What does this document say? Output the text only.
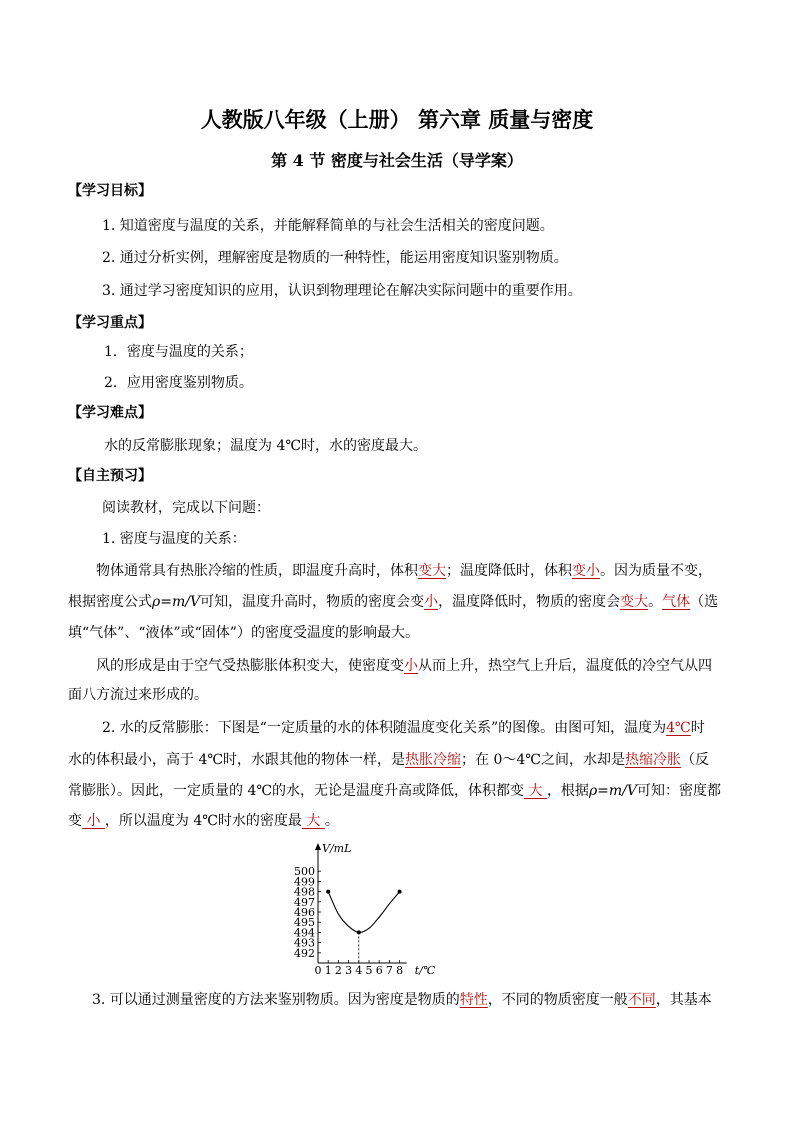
人教版八年级（上册） 第六章 质量与密度
第 4 节 密度与社会生活（导学案）
【学习目标】
1. 知道密度与温度的关系，并能解释简单的与社会生活相关的密度问题。
2. 通过分析实例，理解密度是物质的一种特性，能运用密度知识鉴别物质。
3. 通过学习密度知识的应用，认识到物理理论在解决实际问题中的重要作用。
【学习重点】
1．密度与温度的关系；
2．应用密度鉴别物质。
【学习难点】
水的反常膨胀现象；温度为 4℃时，水的密度最大。
【自主预习】
阅读教材，完成以下问题：
1. 密度与温度的关系：
物体通常具有热胀冷缩的性质，即温度升高时，体积变大；温度降低时，体积变小。因为质量不变，
根据密度公式ρ=m/V可知，温度升高时，物质的密度会变小，温度降低时，物质的密度会变大。气体（选
填“气体”、“液体”或“固体”）的密度受温度的影响最大。
风的形成是由于空气受热膨胀体积变大，使密度变小从而上升，热空气上升后，温度低的冷空气从四
面八方流过来形成的。
2. 水的反常膨胀：下图是“一定质量的水的体积随温度变化关系”的图像。由图可知，温度为4℃时
水的体积最小，高于 4℃时，水跟其他的物体一样，是热胀冷缩；在 0～4℃之间，水却是热缩冷胀（反
常膨胀）。因此，一定质量的 4℃的水，无论是温度升高或降低，体积都变 大 ，根据ρ=m/V可知：密度都
变 小 ，所以温度为 4℃时水的密度最 大 。
492
493
494
495
496
497
498
499
500
0 1 2 3 4 5 6 7 8
V/mL
t/℃
3. 可以通过测量密度的方法来鉴别物质。因为密度是物质的特性，不同的物质密度一般不同，其基本
